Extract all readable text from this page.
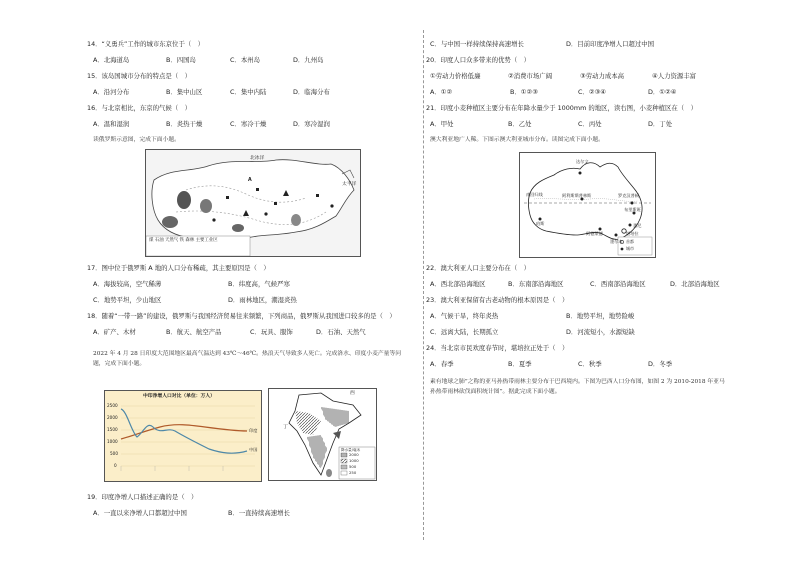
14．“义勇兵”工作的城市东京位于（　）
A．北海道岛	B．四国岛	C．本州岛	D．九州岛
15．该岛国城市分布的特点是（　）
A．沿河分布	B．集中山区	C．集中内陆	D．临海分布
16．与北京相比，东京的气候（　）
A．温和湿润	B．炎热干燥	C．寒冷干燥	D．寒冷湿润
读俄罗斯示意图，完成下面小题。
北冰洋
太平洋
A
煤 石油 天然气 铁 森林 主要工业区
17．图中位于俄罗斯 A 地的人口分布稀疏，其主要原因是（　）
A．海拔较高，空气稀薄	B．纬度高，气候严寒
C．地势平坦，少山地区	D．雨林地区，潮湿炎热
18．随着“一带一路”的建设，俄罗斯与我国经济贸易往来频繁，下列商品，俄罗斯从我国进口较多的是（　）
A．矿产、木材	B．航天、航空产品	C．玩具、服饰	D．石油、天然气
2022 年 4 月 28 日印度大范围地区最高气温达到 43℃～46℃。热浪天气导致多人死亡。完成洛水、印度小麦产量等问题，完成下面小题。
中印净增人口对比（单位：万人）
2500
2000
1500
1000
500
0
印度
中国
西
丁
降水量/毫米
2000
1000
500
250
19．印度净增人口描述正确的是（　）
A．一直以来净增人口都超过中国	B．一直持续高速增长
C．与中国一样持续保持高速增长	D．目前印度净增人口超过中国
20．印度人口众多带来的优势（　）
①劳动力价格低廉	②消费市场广阔	③劳动力成本高	④人力资源丰富
A．①②	B．①②③	C．②③④	D．①②④
21．印度小麦种植区主要分布在年降水量少于 1000mm 的地区，读右图，小麦种植区在（　）
A．甲处	B．乙处	C．丙处	D．丁处
澳大利亚地广人稀。下图示澳大利亚城市分布。读图完成下面小题。
南回归线
达尔文
布里斯班
悉尼
墨尔本
堪培拉
阿德莱德
珀斯
罗克汉普顿
阿利斯斯普林斯
首都
城市
22．澳大利亚人口主要分布在（　）
A．西北部沿海地区	B．东南部沿海地区	C．西南部沿海地区	D．北部沿海地区
23．澳大利亚保留有古老动物的根本原因是（　）
A．气候干旱，终年炎热	B．地势平坦，地势险峻
C．远离大陆，长期孤立	D．河流短小，水源短缺
24．当北京市民欢度春节时，堪培拉正处于（　）
A．春季	B．夏季	C．秋季	D．冬季
素有地球之肺”之称的亚马孙热带雨林主要分布于巴西境内。下图为巴西人口分布图，如图 2 为 2010-2018 年亚马孙热带雨林砍伐面积统计图”。据此完成下面小题。
